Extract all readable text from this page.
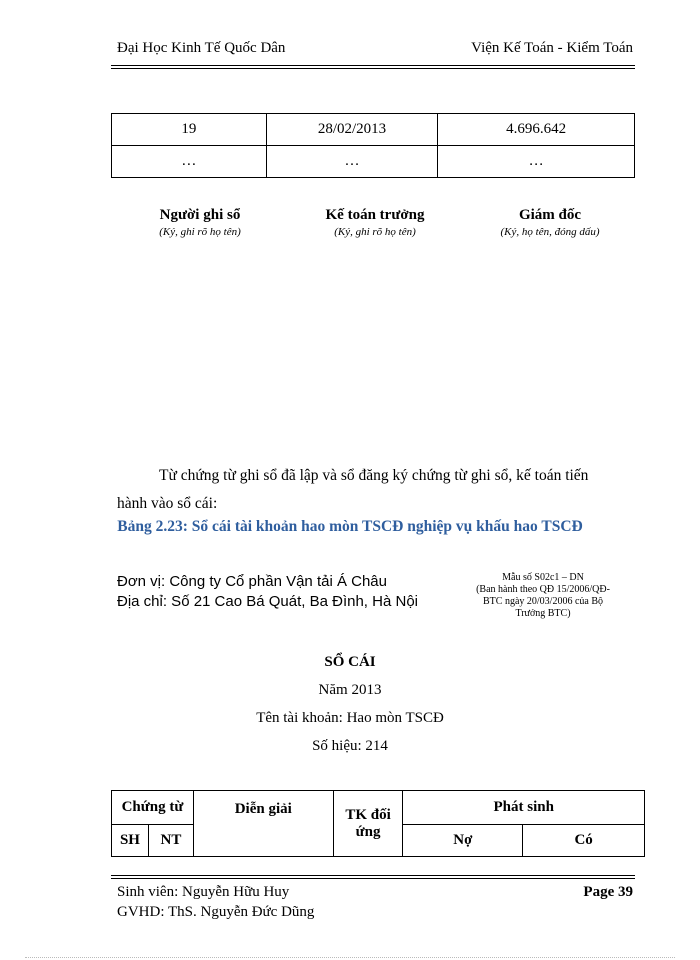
Đại Học Kinh Tế Quốc Dân	Viện Kế Toán - Kiểm Toán
19	28/02/2013	4.696.642
…	…	…
Người ghi sổ
(Ký, ghi rõ họ tên)
Kế toán trưởng
(Ký, ghi rõ họ tên)
Giám đốc
(Ký, họ tên, đóng dấu)
Từ chứng từ ghi sổ đã lập và sổ đăng ký chứng từ ghi sổ, kế toán tiến
hành vào sổ cái:
Bảng 2.23: Sổ cái tài khoản hao mòn TSCĐ nghiệp vụ khấu hao TSCĐ
Đơn vị: Công ty Cổ phần Vận tải Á Châu
Địa chỉ: Số 21 Cao Bá Quát, Ba Đình, Hà Nội
Mẫu số S02c1 – DN
(Ban hành theo QĐ 15/2006/QĐ-BTC ngày 20/03/2006 của Bộ Trưởng BTC)
SỔ CÁI
Năm 2013
Tên tài khoản: Hao mòn TSCĐ
Số hiệu: 214
Chứng từ		Diễn giải	TK đối ứng	Phát sinh	
SH	NT			Nợ	Có
Sinh viên: Nguyễn Hữu Huy
GVHD: ThS. Nguyễn Đức Dũng
Page 39
